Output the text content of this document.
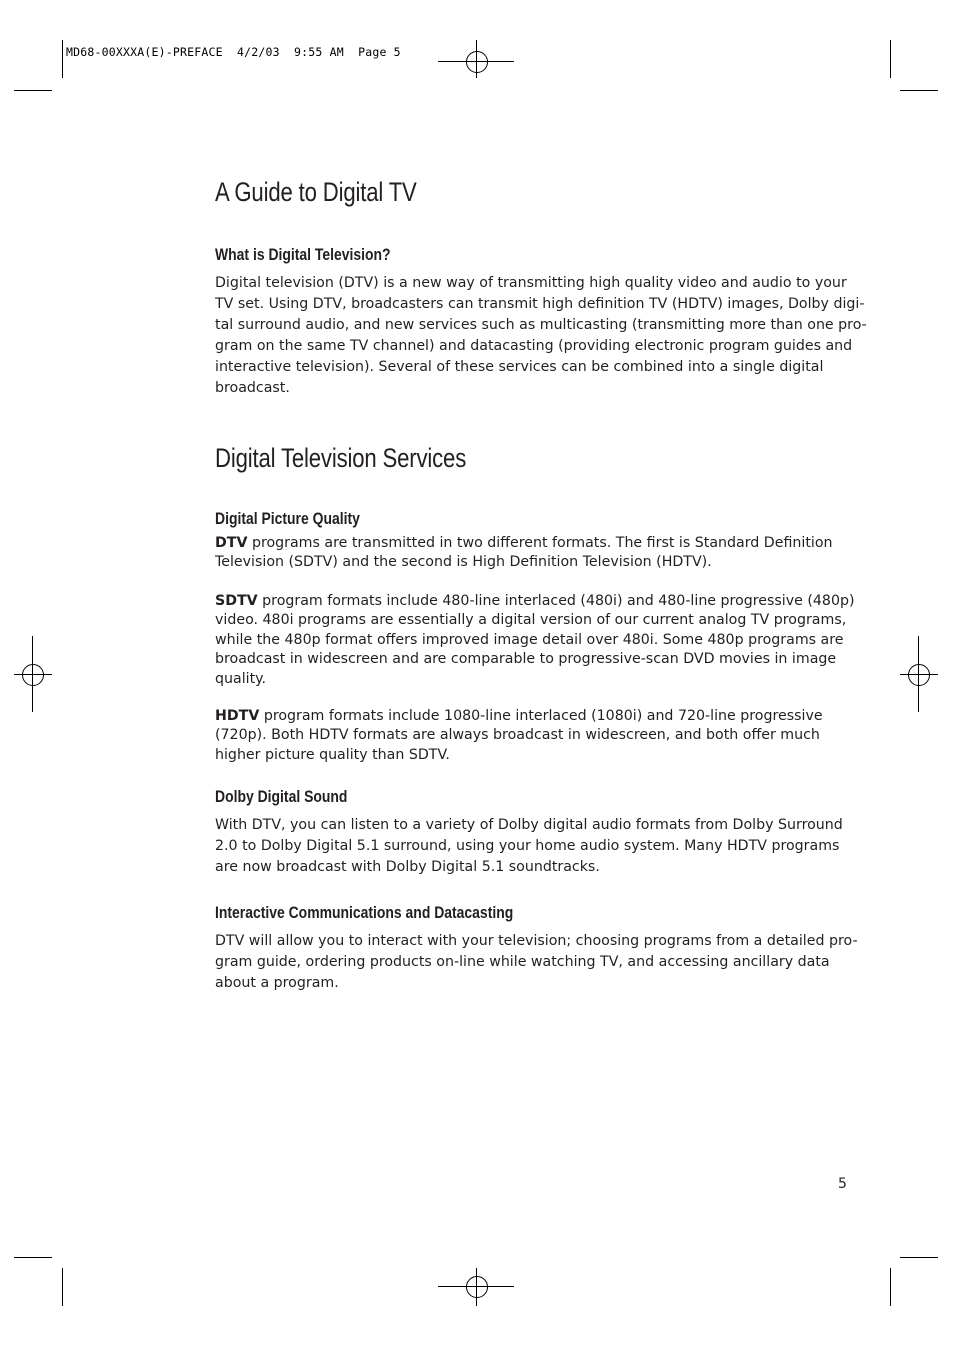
MD68-00XXXA(E)-PREFACE  4/2/03  9:55 AM  Page 5
A Guide to Digital TV
What is Digital Television?

Digital television (DTV) is a new way of transmitting high quality video and audio to your
TV set. Using DTV, broadcasters can transmit high definition TV (HDTV) images, Dolby digi-
tal surround audio, and new services such as multicasting (transmitting more than one pro-
gram on the same TV channel) and datacasting (providing electronic program guides and
interactive television). Several of these services can be combined into a single digital
broadcast.

Digital Television Services
Digital Picture Quality

DTV programs are transmitted in two different formats. The first is Standard Definition
Television (SDTV) and the second is High Definition Television (HDTV).

SDTV program formats include 480-line interlaced (480i) and 480-line progressive (480p)
video. 480i programs are essentially a digital version of our current analog TV programs,
while the 480p format offers improved image detail over 480i. Some 480p programs are
broadcast in widescreen and are comparable to progressive-scan DVD movies in image
quality.

HDTV program formats include 1080-line interlaced (1080i) and 720-line progressive
(720p). Both HDTV formats are always broadcast in widescreen, and both offer much
higher picture quality than SDTV.

Dolby Digital Sound

With DTV, you can listen to a variety of Dolby digital audio formats from Dolby Surround
2.0 to Dolby Digital 5.1 surround, using your home audio system. Many HDTV programs
are now broadcast with Dolby Digital 5.1 soundtracks.

Interactive Communications and Datacasting

DTV will allow you to interact with your television; choosing programs from a detailed pro-
gram guide, ordering products on-line while watching TV, and accessing ancillary data
about a program.

5
